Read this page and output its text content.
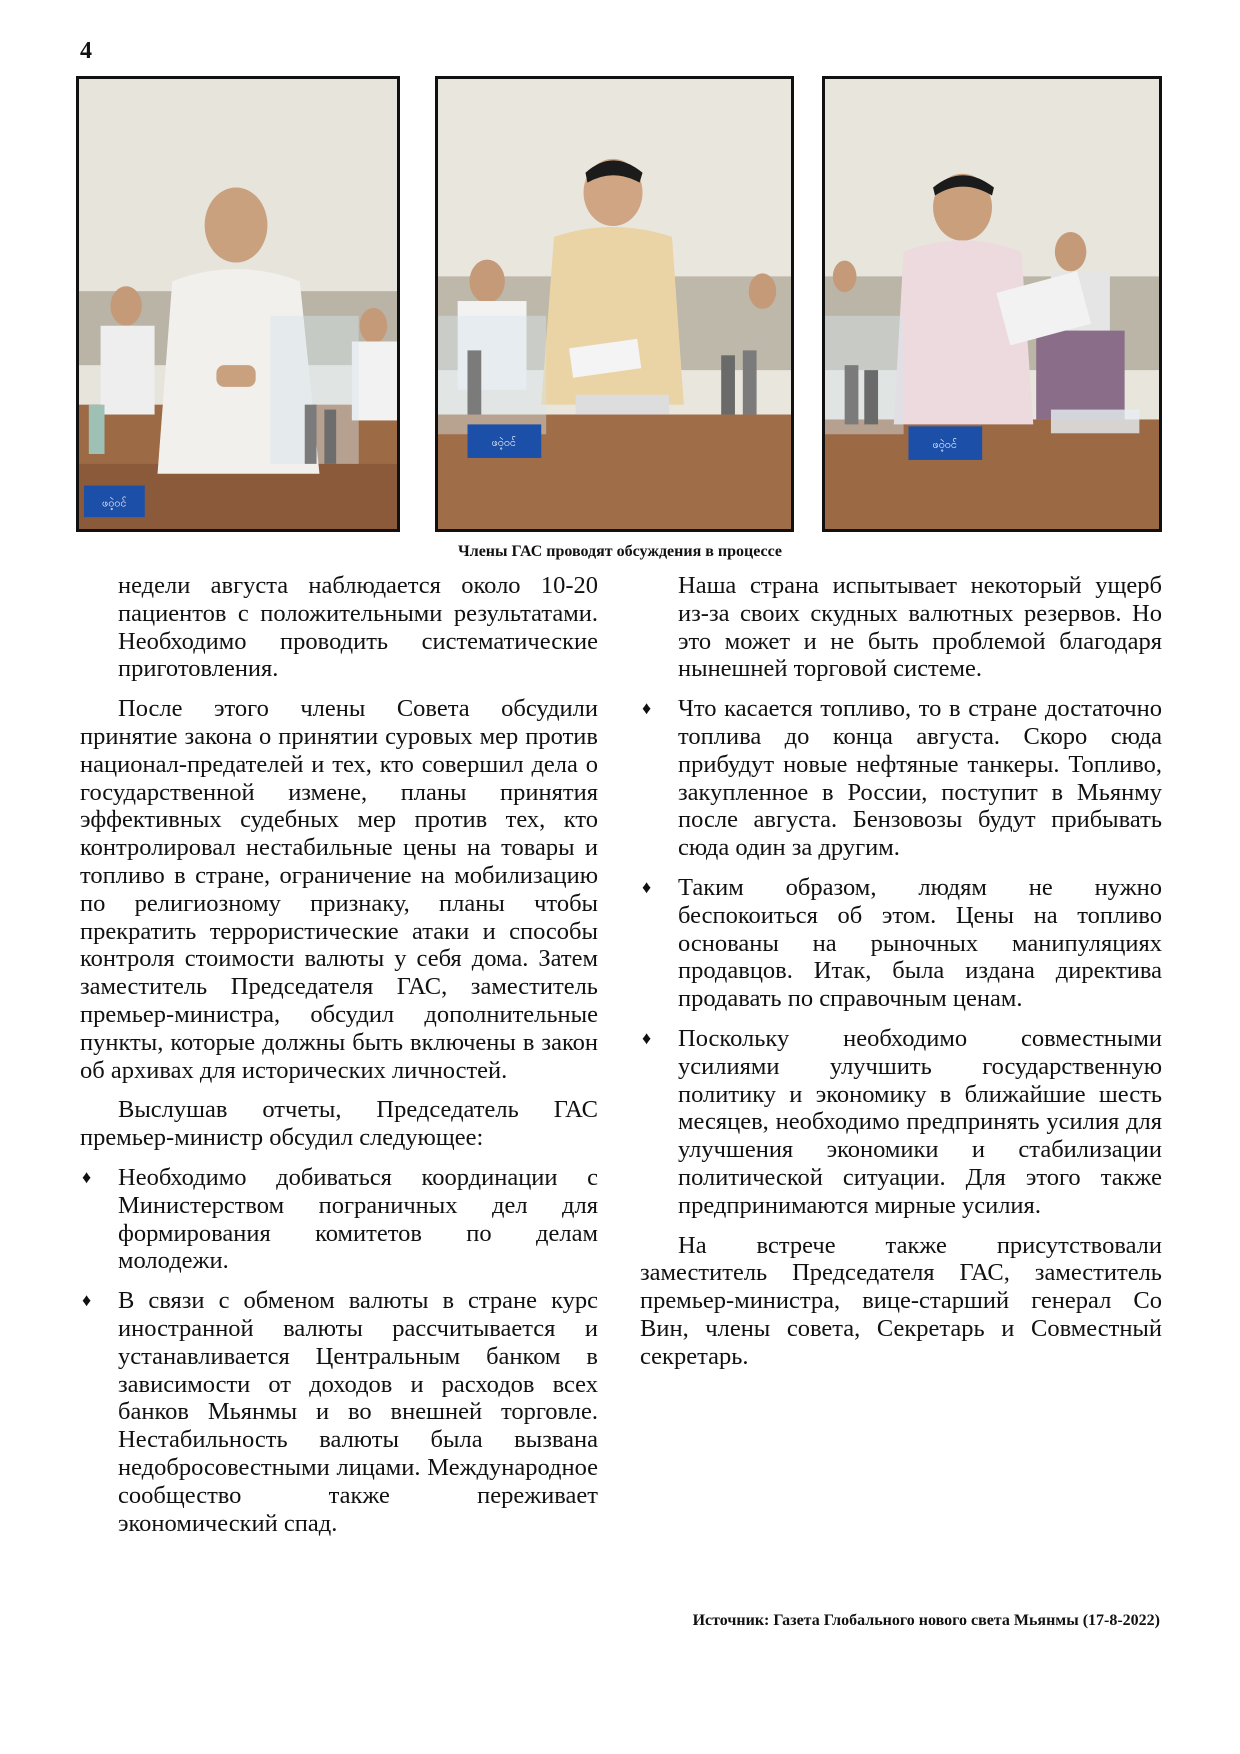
4
ဖ၀ဲ့၀င်
ဖ၀ဲ့၀င်	ဖ၀ဲ့၀င်
Члены ГАС проводят обсуждения в процессе

недели августа наблюдается около 10-20 пациентов с положительными результатами. Необходимо проводить систематические приготовления.

После этого члены Совета обсудили принятие закона о принятии суровых мер против национал-предателей и тех, кто совершил дела о государственной измене, планы принятия эффективных судебных мер против тех, кто контролировал нестабильные цены на товары и топливо в стране, ограничение на мобилизацию по религиозному признаку, планы чтобы прекратить террористические атаки и способы контроля стоимости валюты у себя дома. Затем заместитель Председателя ГАС, заместитель премьер-министра, обсудил дополнительные пункты, которые должны быть включены в закон об архивах для исторических личностей.

Выслушав отчеты, Председатель ГАС премьер-министр обсудил следующее:

♦ Необходимо добиваться координации с Министерством пограничных дел для формирования комитетов по делам молодежи.

♦ В связи с обменом валюты в стране курс иностранной валюты рассчитывается и устанавливается Центральным банком в зависимости от доходов и расходов всех банков Мьянмы и во внешней торговле. Нестабильность валюты была вызвана недобросовестными лицами. Международное сообщество также переживает экономический спад.

Наша страна испытывает некоторый ущерб из-за своих скудных валютных резервов. Но это может и не быть проблемой благодаря нынешней торговой системе.

♦ Что касается топливо, то в стране достаточно топлива до конца августа. Скоро сюда прибудут новые нефтяные танкеры. Топливо, закупленное в России, поступит в Мьянму после августа. Бензовозы будут прибывать сюда один за другим.

♦ Таким образом, людям не нужно беспокоиться об этом. Цены на топливо основаны на рыночных манипуляциях продавцов. Итак, была издана директива продавать по справочным ценам.

♦ Поскольку необходимо совместными усилиями улучшить государственную политику и экономику в ближайшие шесть месяцев, необходимо предпринять усилия для улучшения экономики и стабилизации политической ситуации. Для этого также предпринимаются мирные усилия.

На встрече также присутствовали заместитель Председателя ГАС, заместитель премьер-министра, вице-старший генерал Со Вин, члены совета, Секретарь и Совместный секретарь.

Источник: Газета Глобального нового света Мьянмы (17-8-2022)
